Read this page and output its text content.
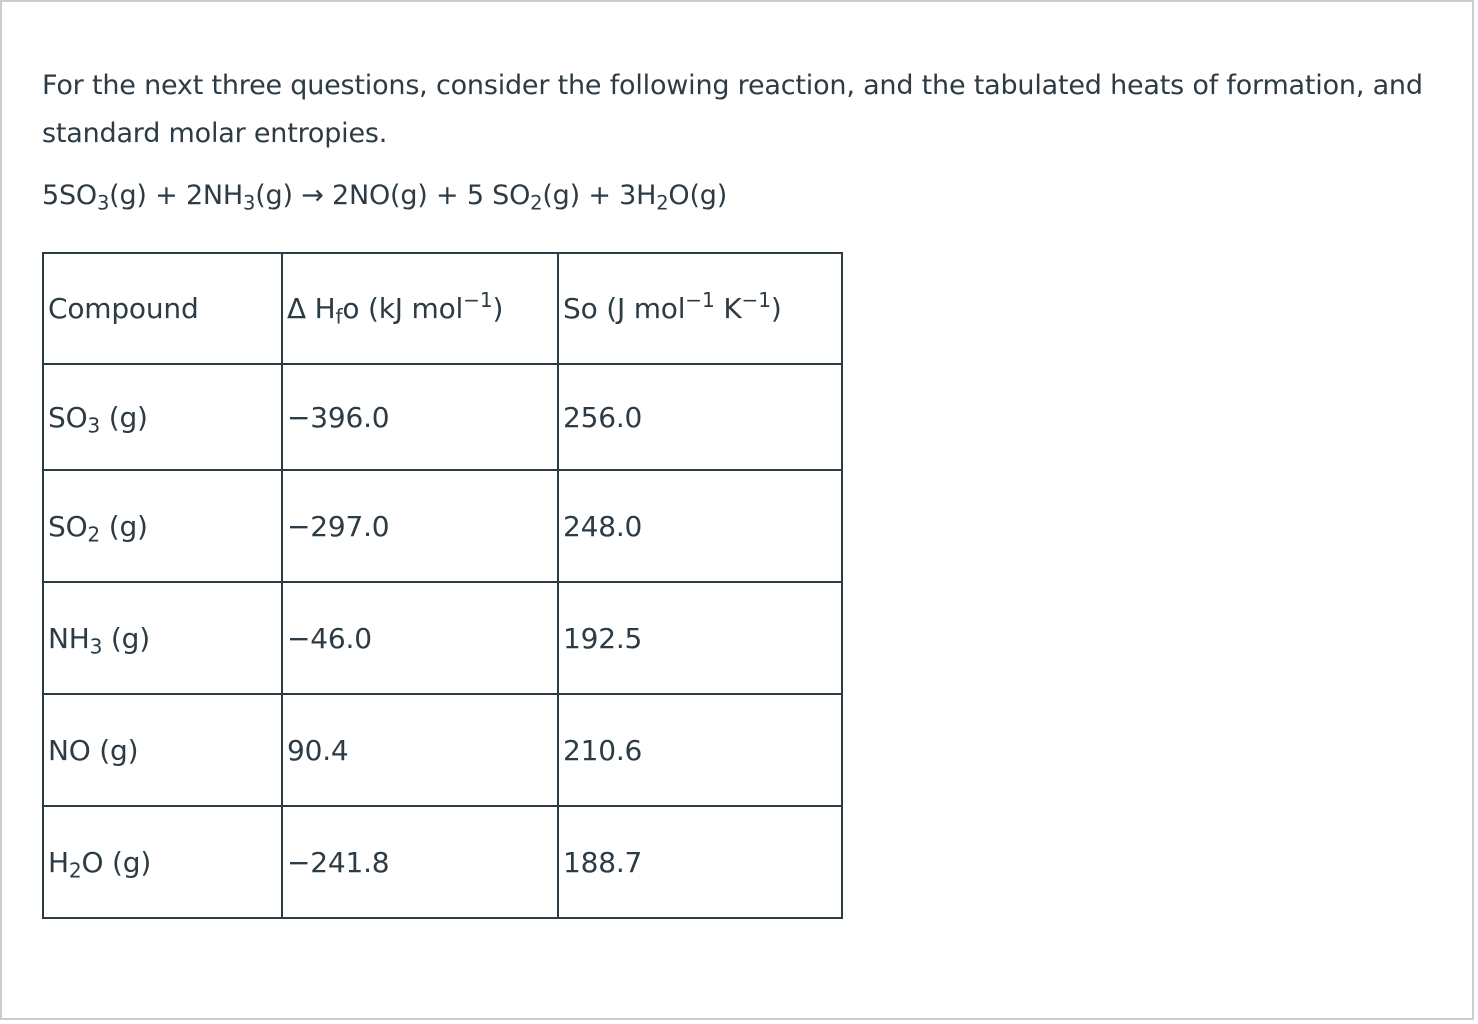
For the next three questions, consider the following reaction, and the tabulated heats of formation, and standard molar entropies.

$5SO_3(g) + 2NH_3(g) \to 2NO(g) + 5$ $SO_2(g) + 3H_2O(g)$

Compound	Δ $H_fo$ (kJ mol$^{-1}$)	So (J mol$^{-1}$ $K^{-1}$)
$SO_3$ (g)	−396.0	256.0
$SO_2$ (g)	−297.0	248.0
$NH_3$ (g)	−46.0	192.5
NO (g)	90.4	210.6
$H_2O$ (g)	−241.8	188.7
